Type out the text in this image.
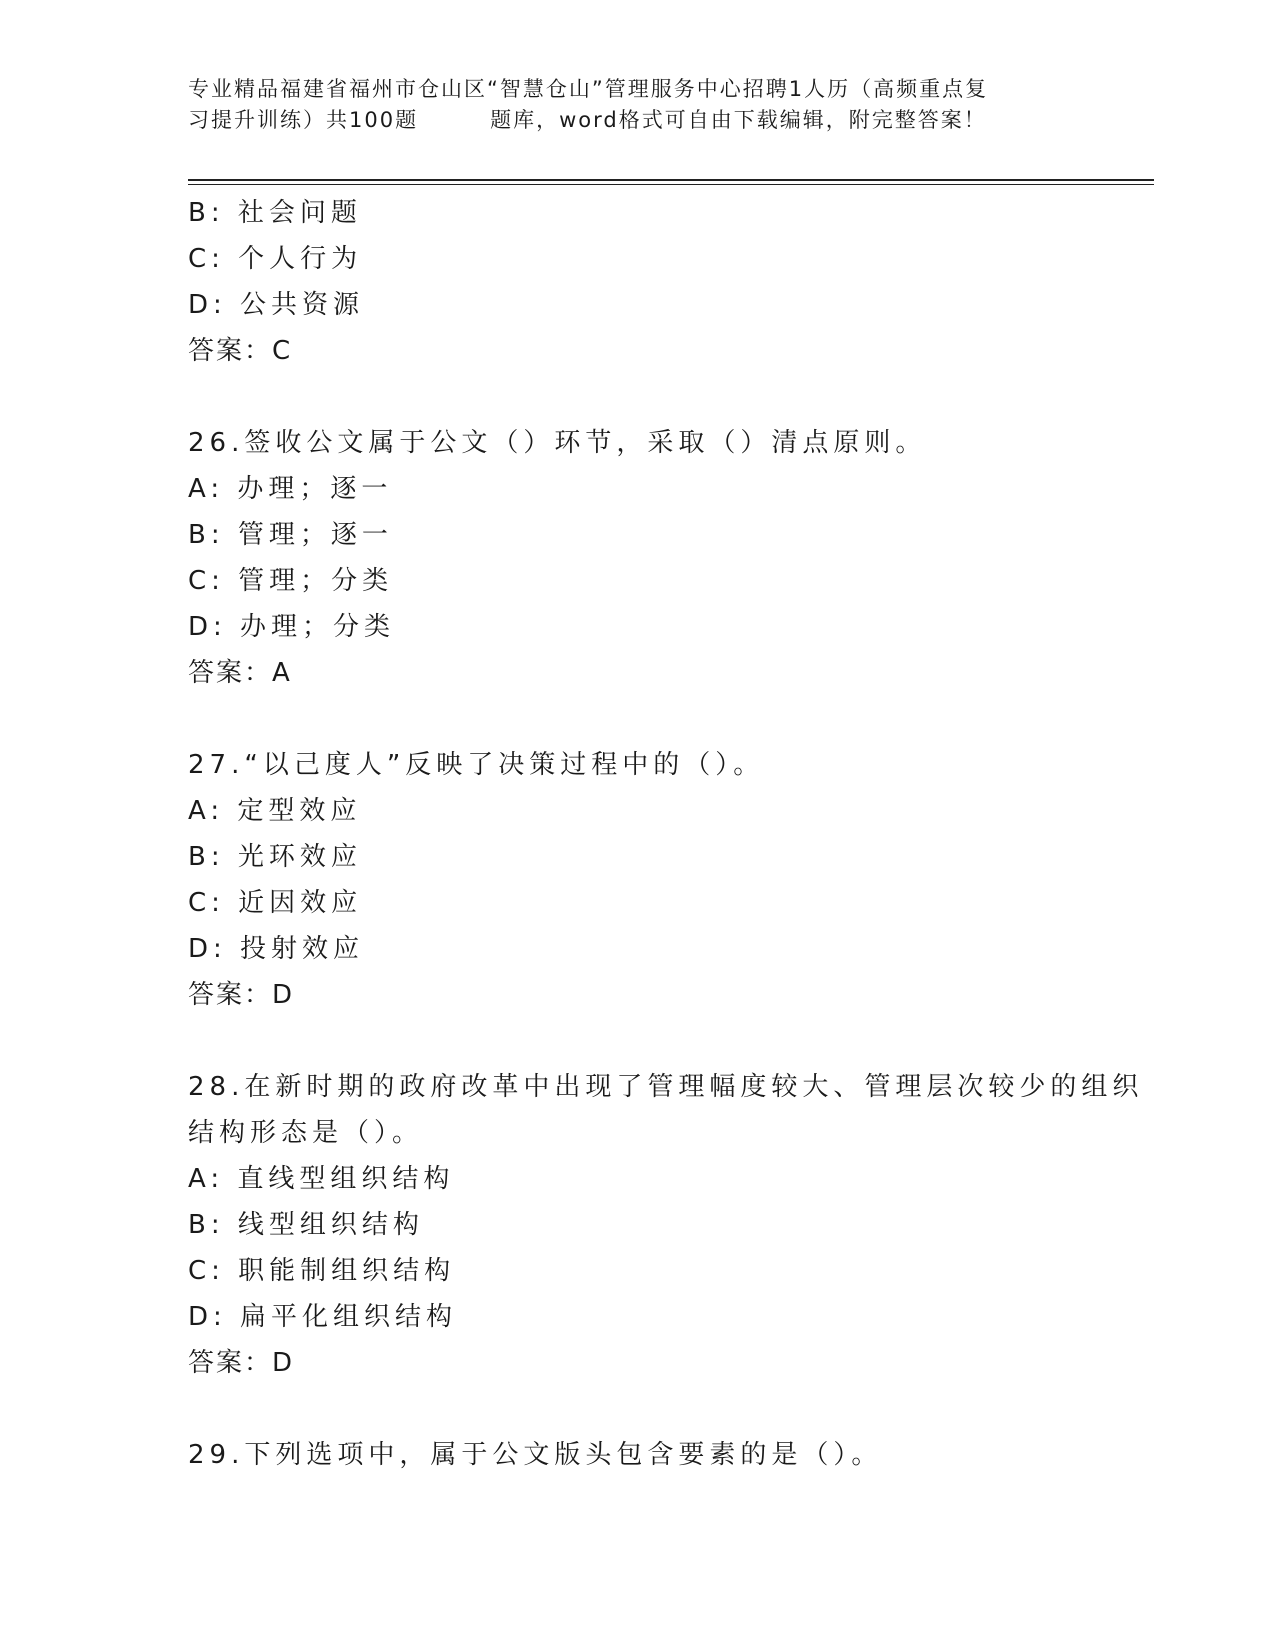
专业精品福建省福州市仓山区“智慧仓山”管理服务中心招聘1人历（高频重点复
习提升训练）共100题	题库，word格式可自由下载编辑，附完整答案！
B: 社会问题
C: 个人行为
D: 公共资源
答案：C
26.签收公文属于公文（）环节，采取（）清点原则。
A: 办理；逐一
B: 管理；逐一
C: 管理；分类
D: 办理；分类
答案：A
27.“以己度人”反映了决策过程中的（）。
A: 定型效应
B: 光环效应
C: 近因效应
D: 投射效应
答案：D
28.在新时期的政府改革中出现了管理幅度较大、管理层次较少的组织
结构形态是（）。
A: 直线型组织结构
B: 线型组织结构
C: 职能制组织结构
D: 扁平化组织结构
答案：D
29.下列选项中，属于公文版头包含要素的是（）。
